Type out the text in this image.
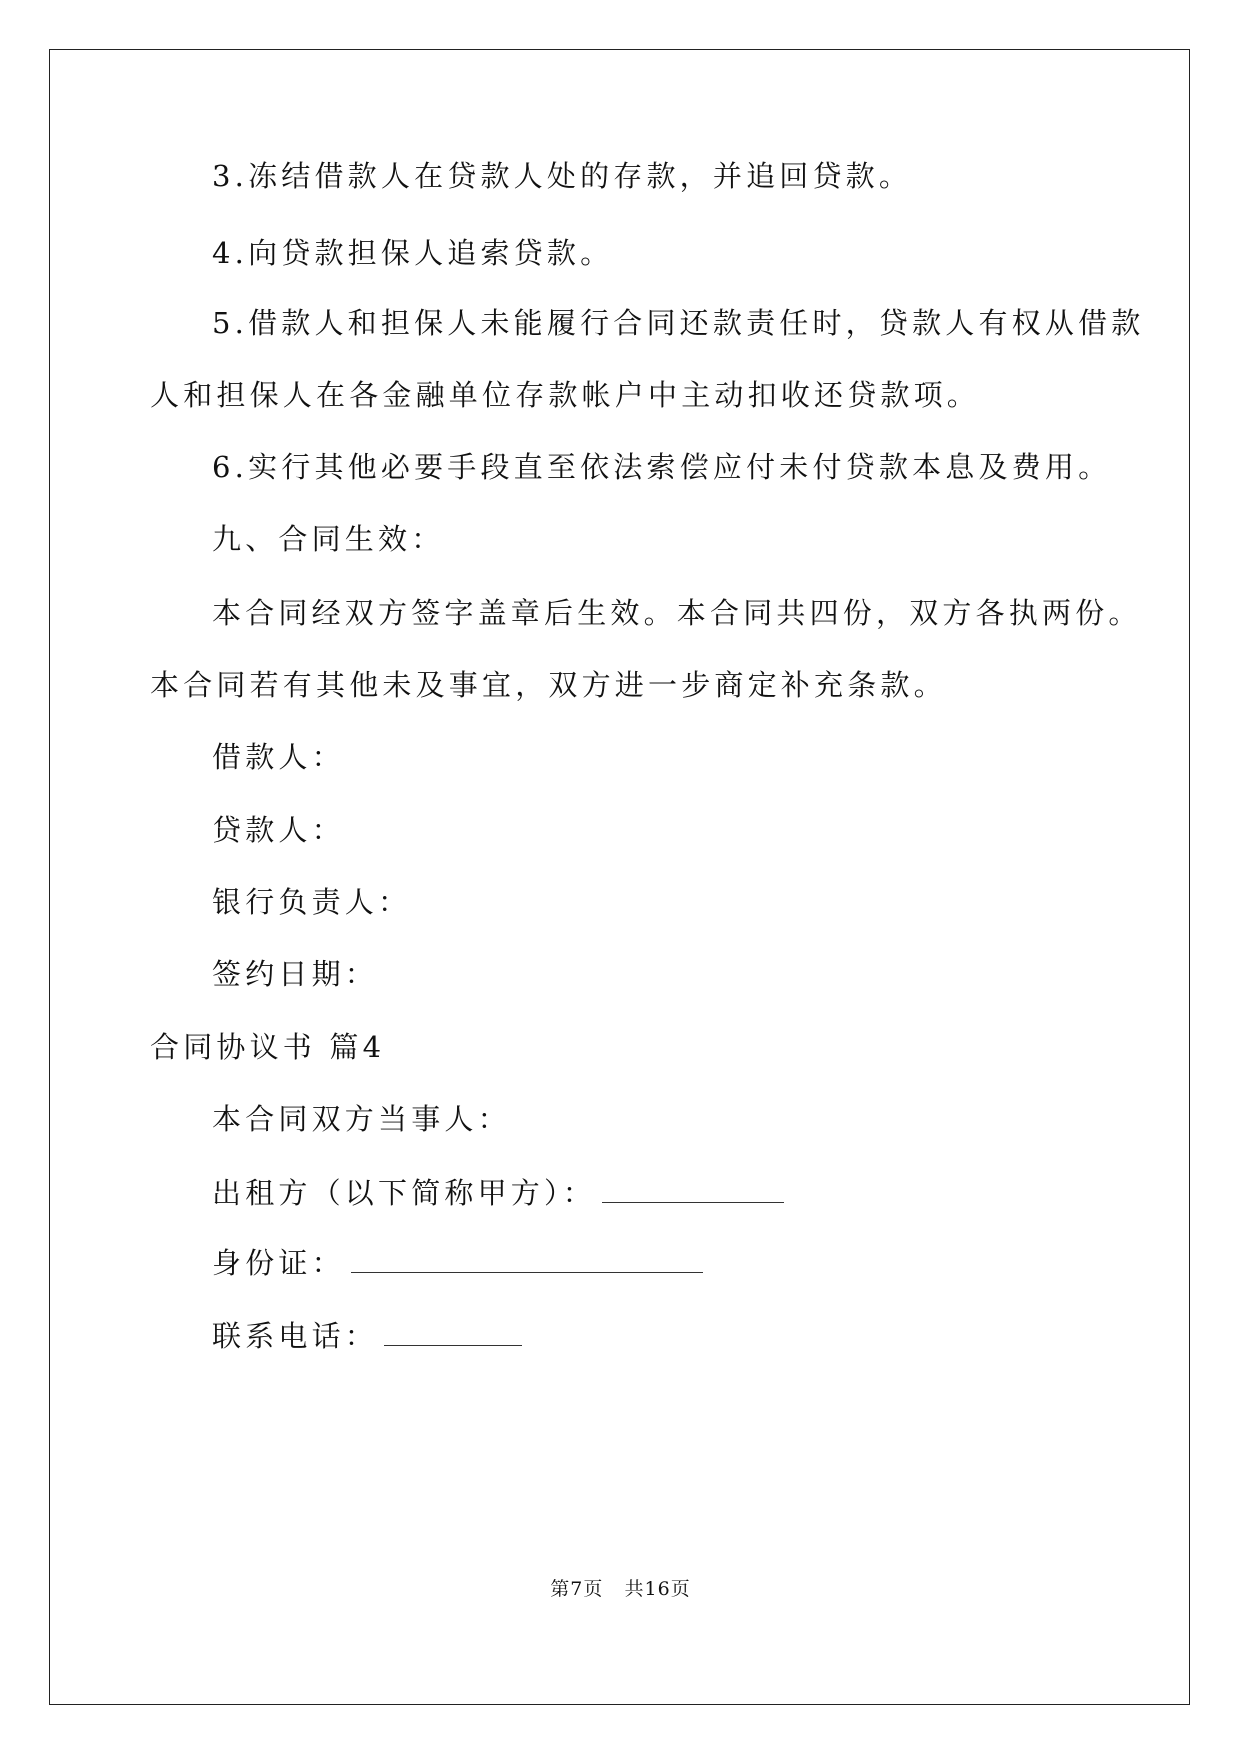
3.冻结借款人在贷款人处的存款，并追回贷款。
4.向贷款担保人追索贷款。
5.借款人和担保人未能履行合同还款责任时，贷款人有权从借款
人和担保人在各金融单位存款帐户中主动扣收还贷款项。
6.实行其他必要手段直至依法索偿应付未付贷款本息及费用。
九、合同生效：
本合同经双方签字盖章后生效。本合同共四份，双方各执两份。
本合同若有其他未及事宜，双方进一步商定补充条款。
借款人：
贷款人：
银行负责人：
签约日期：
合同协议书 篇4
本合同双方当事人：
出租方（以下简称甲方）：
身份证：
联系电话：
第7页 共16页
